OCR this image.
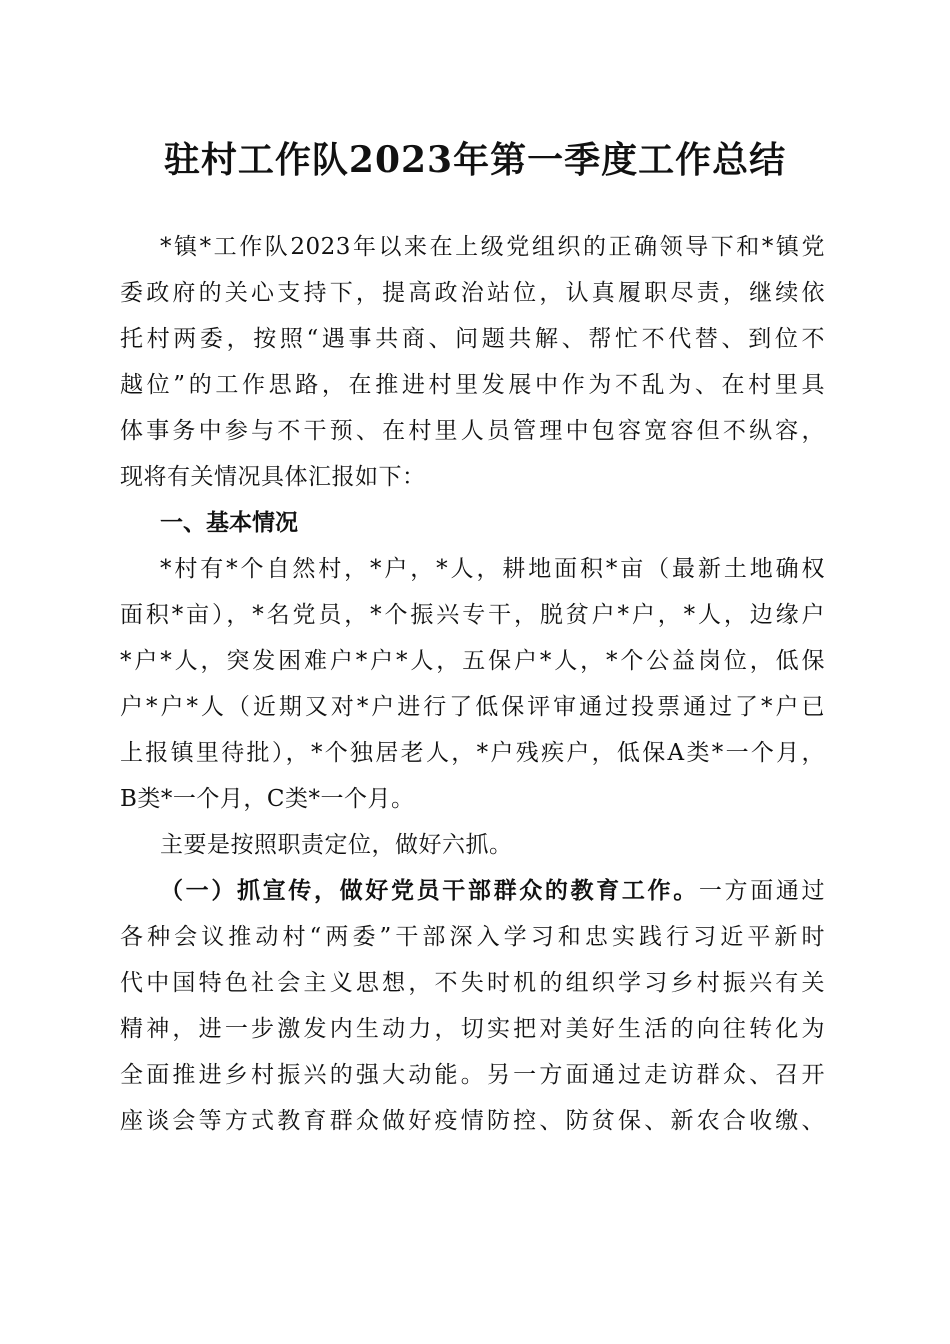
驻村工作队2023年第一季度工作总结
*镇*工作队2023年以来在上级党组织的正确领导下和*镇党
委政府的关心支持下，提高政治站位，认真履职尽责，继续依
托村两委，按照“遇事共商、问题共解、帮忙不代替、到位不
越位”的工作思路，在推进村里发展中作为不乱为、在村里具
体事务中参与不干预、在村里人员管理中包容宽容但不纵容，
现将有关情况具体汇报如下：
一、基本情况
*村有*个自然村，*户，*人，耕地面积*亩（最新土地确权
面积*亩），*名党员，*个振兴专干，脱贫户*户，*人，边缘户
*户*人，突发困难户*户*人，五保户*人，*个公益岗位，低保
户*户*人（近期又对*户进行了低保评审通过投票通过了*户已
上报镇里待批），*个独居老人，*户残疾户，低保A类*一个月，
B类*一个月，C类*一个月。
主要是按照职责定位，做好六抓。
（一）抓宣传，做好党员干部群众的教育工作。一方面通过
各种会议推动村“两委”干部深入学习和忠实践行习近平新时
代中国特色社会主义思想，不失时机的组织学习乡村振兴有关
精神，进一步激发内生动力，切实把对美好生活的向往转化为
全面推进乡村振兴的强大动能。另一方面通过走访群众、召开
座谈会等方式教育群众做好疫情防控、防贫保、新农合收缴、
